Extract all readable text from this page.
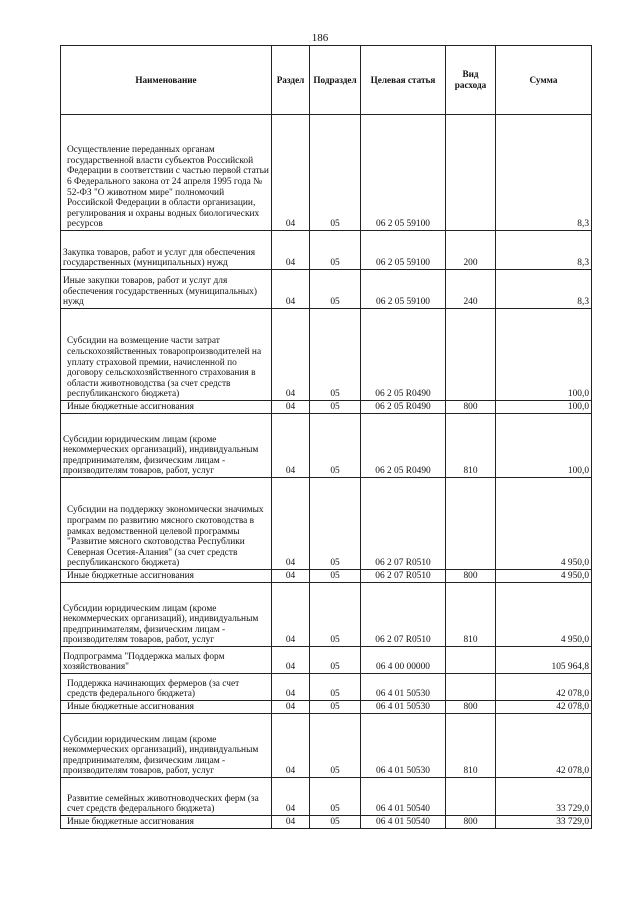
186
Наименование	Раздел	Подраздел	Целевая статья	Вид расхода	Сумма
Осуществление переданных органам государственной власти субъектов Российской Федерации в соответствии с частью первой статьи 6 Федерального закона от 24 апреля 1995 года № 52-ФЗ "О животном мире" полномочий Российской Федерации в области организации, регулирования и охраны водных биологических ресурсов	04	05	06 2 05 59100		8,3
Закупка товаров, работ и услуг для обеспечения государственных (муниципальных) нужд	04	05	06 2 05 59100	200	8,3
Иные закупки товаров, работ и услуг для обеспечения государственных (муниципальных) нужд	04	05	06 2 05 59100	240	8,3
Субсидии на возмещение части затрат сельскохозяйственных товаропроизводителей на уплату страховой премии, начисленной по договору сельскохозяйственного страхования в области животноводства (за счет средств республиканского бюджета)	04	05	06 2 05 R0490		100,0
Иные бюджетные ассигнования	04	05	06 2 05 R0490	800	100,0
Субсидии юридическим лицам (кроме некоммерческих организаций), индивидуальным предпринимателям, физическим лицам - производителям товаров, работ, услуг	04	05	06 2 05 R0490	810	100,0
Субсидии на поддержку экономически значимых программ по развитию мясного скотоводства в рамках ведомственной целевой программы "Развитие мясного скотоводства Республики Северная Осетия-Алания" (за счет средств республиканского бюджета)	04	05	06 2 07 R0510		4 950,0
Иные бюджетные ассигнования	04	05	06 2 07 R0510	800	4 950,0
Субсидии юридическим лицам (кроме некоммерческих организаций), индивидуальным предпринимателям, физическим лицам - производителям товаров, работ, услуг	04	05	06 2 07 R0510	810	4 950,0
Подпрограмма "Поддержка малых форм хозяйствования"	04	05	06 4 00 00000		105 964,8
Поддержка начинающих фермеров (за счет средств федерального бюджета)	04	05	06 4 01 50530		42 078,0
Иные бюджетные ассигнования	04	05	06 4 01 50530	800	42 078,0
Субсидии юридическим лицам (кроме некоммерческих организаций), индивидуальным предпринимателям, физическим лицам - производителям товаров, работ, услуг	04	05	06 4 01 50530	810	42 078,0
Развитие семейных животноводческих ферм (за счет средств федерального бюджета)	04	05	06 4 01 50540		33 729,0
Иные бюджетные ассигнования	04	05	06 4 01 50540	800	33 729,0
